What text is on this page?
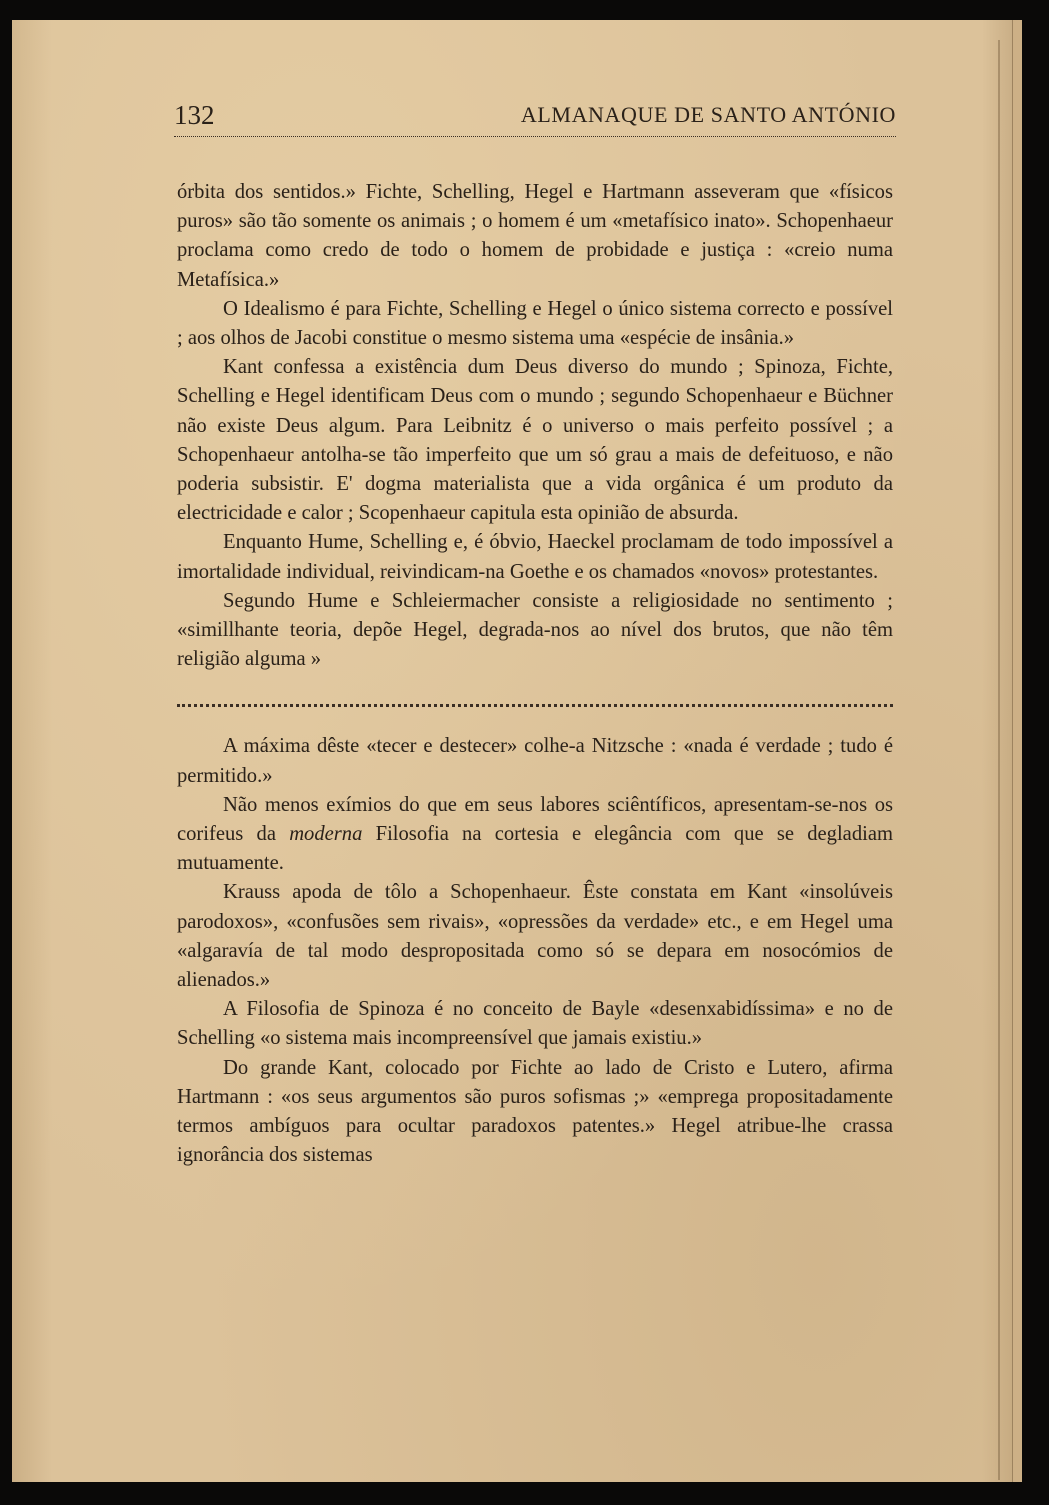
132	ALMANAQUE DE SANTO ANTÓNIO

órbita dos sentidos.» Fichte, Schelling, Hegel e Hartmann asseveram que «físicos puros» são tão somente os animais ; o homem é um «metafísico inato». Schopenhaeur proclama como credo de todo o homem de probidade e justiça : «creio numa Metafísica.»

O Idealismo é para Fichte, Schelling e Hegel o único sistema correcto e possível ; aos olhos de Jacobi constitue o mesmo sistema uma «espécie de insânia.»

Kant confessa a existência dum Deus diverso do mundo ; Spinoza, Fichte, Schelling e Hegel identificam Deus com o mundo ; segundo Schopenhaeur e Büchner não existe Deus algum. Para Leibnitz é o universo o mais perfeito possível ; a Schopenhaeur antolha-se tão imperfeito que um só grau a mais de defeituoso, e não poderia subsistir. E' dogma materialista que a vida orgânica é um produto da electricidade e calor ; Scopenhaeur capitula esta opinião de absurda.

Enquanto Hume, Schelling e, é óbvio, Haeckel proclamam de todo impossível a imortalidade individual, reivindicam-na Goethe e os chamados «novos» protestantes.

Segundo Hume e Schleiermacher consiste a religiosidade no sentimento ; «simillhante teoria, depõe Hegel, degrada-nos ao nível dos brutos, que não têm religião alguma »

A máxima dêste «tecer e destecer» colhe-a Nitzsche : «nada é verdade ; tudo é permitido.»

Não menos exímios do que em seus labores sciêntíficos, apresentam-se-nos os corifeus da moderna Filosofia na cortesia e elegância com que se degladiam mutuamente.

Krauss apoda de tôlo a Schopenhaeur. Êste constata em Kant «insolúveis parodoxos», «confusões sem rivais», «opressões da verdade» etc., e em Hegel uma «algaravía de tal modo despropositada como só se depara em nosocómios de alienados.»

A Filosofia de Spinoza é no conceito de Bayle «desenxabidíssima» e no de Schelling «o sistema mais incompreensível que jamais existiu.»

Do grande Kant, colocado por Fichte ao lado de Cristo e Lutero, afirma Hartmann : «os seus argumentos são puros sofismas ;» «emprega propositadamente termos ambíguos para ocultar paradoxos patentes.» Hegel atribue-lhe crassa ignorância dos sistemas
